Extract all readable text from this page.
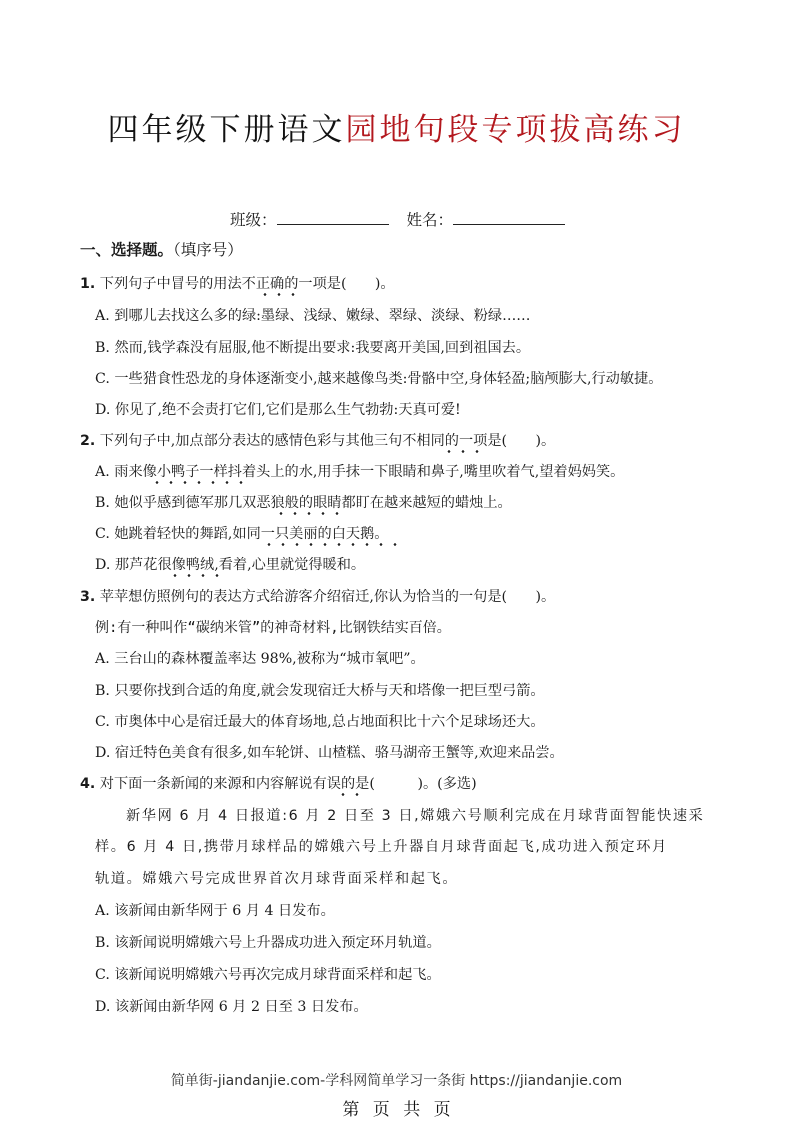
四年级下册语文园地句段专项拔高练习
班级：	姓名：
一、选择题。（填序号）
1. 下列句子中冒号的用法不正确的一项是(　　)。
A. 到哪儿去找这么多的绿:墨绿、浅绿、嫩绿、翠绿、淡绿、粉绿……
B. 然而,钱学森没有屈服,他不断提出要求:我要离开美国,回到祖国去。
C. 一些猎食性恐龙的身体逐渐变小,越来越像鸟类:骨骼中空,身体轻盈;脑颅膨大,行动敏捷。
D. 你见了,绝不会责打它们,它们是那么生气勃勃:天真可爱!
2. 下列句子中,加点部分表达的感情色彩与其他三句不相同的一项是(　　)。
A. 雨来像小鸭子一样抖着头上的水,用手抹一下眼睛和鼻子,嘴里吹着气,望着妈妈笑。
B. 她似乎感到德军那几双恶狼般的眼睛都盯在越来越短的蜡烛上。
C. 她跳着轻快的舞蹈,如同一只美丽的白天鹅。
D. 那芦花很像鸭绒,看着,心里就觉得暖和。
3. 苹苹想仿照例句的表达方式给游客介绍宿迁,你认为恰当的一句是(　　)。
例:有一种叫作“碳纳米管”的神奇材料,比钢铁结实百倍。
A. 三台山的森林覆盖率达 98%,被称为“城市氧吧”。
B. 只要你找到合适的角度,就会发现宿迁大桥与天和塔像一把巨型弓箭。
C. 市奥体中心是宿迁最大的体育场地,总占地面积比十六个足球场还大。
D. 宿迁特色美食有很多,如车轮饼、山楂糕、骆马湖帝王蟹等,欢迎来品尝。
4. 对下面一条新闻的来源和内容解说有误的是(　　　)。(多选)
新华网 6 月 4 日报道:6 月 2 日至 3 日,嫦娥六号顺利完成在月球背面智能快速采
样。6 月 4 日,携带月球样品的嫦娥六号上升器自月球背面起飞,成功进入预定环月
轨道。嫦娥六号完成世界首次月球背面采样和起飞。
A. 该新闻由新华网于 6 月 4 日发布。
B. 该新闻说明嫦娥六号上升器成功进入预定环月轨道。
C. 该新闻说明嫦娥六号再次完成月球背面采样和起飞。
D. 该新闻由新华网 6 月 2 日至 3 日发布。
简单街-jiandanjie.com-学科网简单学习一条街 https://jiandanjie.com
第 页 共 页
